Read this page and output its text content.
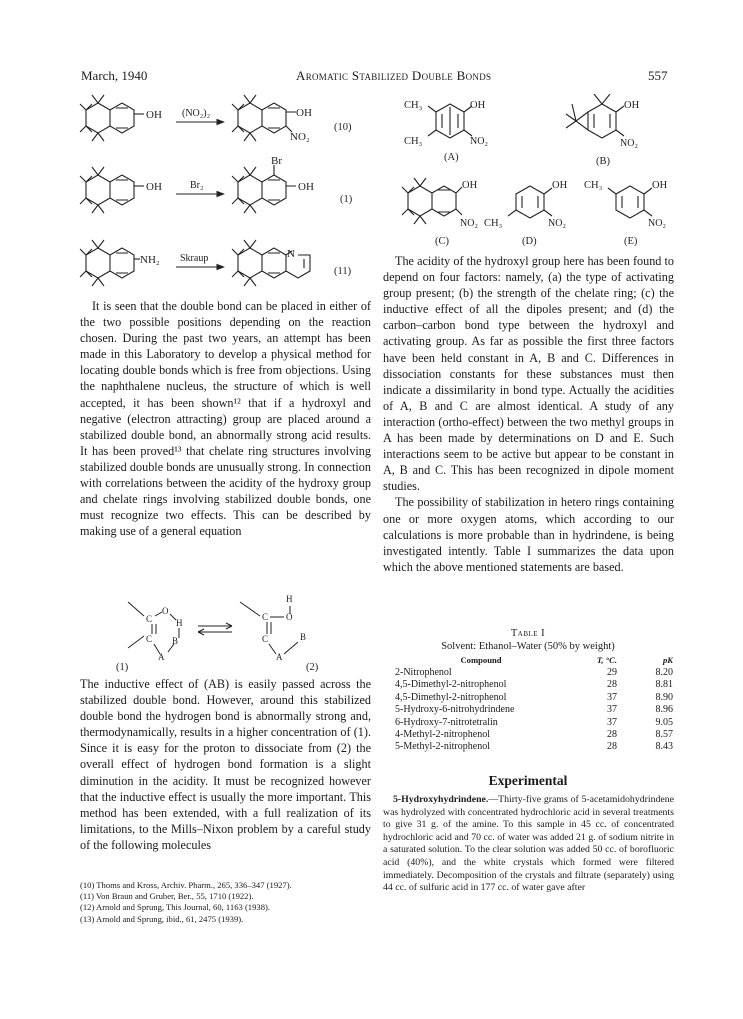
March, 1940	Aromatic Stabilized Double Bonds	557
OH (NO₂)₂	OH
NO₂
(10)
OH	Br₂
Br
OH
(1)
NH₂ Skraup	N
(11)
CH₃	OH
CH₃	NO₂
(A)
OH
NO₂
(B)
OH
NO₂
(C)
OH
CH₃	NO₂
(D)
CH₃	OH
NO₂
(E)

It is seen that the double bond can be placed in either of the two possible positions depending on the reaction chosen. During the past two years, an attempt has been made in this Laboratory to develop a physical method for locating double bonds which is free from objections. Using the naphthalene nucleus, the structure of which is well accepted, it has been shown¹² that if a hydroxyl and negative (electron attracting) group are placed around a stabilized double bond, an abnormally strong acid results. It has been proved¹³ that chelate ring structures involving stabilized double bonds are unusually strong. In connection with correlations between the acidity of the hydroxy group and chelate rings involving stabilized double bonds, one must recognize two effects. This can be described by making use of a general equation

C
O
H
C B
A
H
C O
C	B
A
(1)	(2)

The inductive effect of (AB) is easily passed across the stabilized double bond. However, around this stabilized double bond the hydrogen bond is abnormally strong and, thermodynamically, results in a higher concentration of (1). Since it is easy for the proton to dissociate from (2) the overall effect of hydrogen bond formation is a slight diminution in the acidity. It must be recognized however that the inductive effect is usually the more important. This method has been extended, with a full realization of its limitations, to the Mills–Nixon problem by a careful study of the following molecules

(10) Thoms and Kross, Archiv. Pharm., 265, 336–347 (1927).
(11) Von Braun and Gruber, Ber., 55, 1710 (1922).
(12) Arnold and Sprung, This Journal, 60, 1163 (1938).
(13) Arnold and Sprung, ibid., 61, 2475 (1939).

The acidity of the hydroxyl group here has been found to depend on four factors: namely, (a) the type of activating group present; (b) the strength of the chelate ring; (c) the inductive effect of all the dipoles present; and (d) the carbon–carbon bond type between the hydroxyl and activating group. As far as possible the first three factors have been held constant in A, B and C. Differences in dissociation constants for these substances must then indicate a dissimilarity in bond type. Actually the acidities of A, B and C are almost identical. A study of any interaction (ortho-effect) between the two methyl groups in A has been made by determinations on D and E. Such interactions seem to be active but appear to be constant in A, B and C. This has been recognized in dipole moment studies.

The possibility of stabilization in hetero rings containing one or more oxygen atoms, which according to our calculations is more probable than in hydrindene, is being investigated intently. Table I summarizes the data upon which the above mentioned statements are based.

Table I
Solvent: Ethanol–Water (50% by weight)
Compound	T, °C.	pK
2-Nitrophenol	29	8.20
4,5-Dimethyl-2-nitrophenol	28	8.81
4,5-Dimethyl-2-nitrophenol	37	8.90
5-Hydroxy-6-nitrohydrindene	37	8.96
6-Hydroxy-7-nitrotetralin	37	9.05
4-Methyl-2-nitrophenol	28	8.57
5-Methyl-2-nitrophenol	28	8.43
Experimental

5-Hydroxyhydrindene.—Thirty-five grams of 5-acetamidohydrindene was hydrolyzed with concentrated hydrochloric acid in several treatments to give 31 g. of the amine. To this sample in 45 cc. of concentrated hydrochloric acid and 70 cc. of water was added 21 g. of sodium nitrite in a saturated solution. To the clear solution was added 50 cc. of borofluoric acid (40%), and the white crystals which formed were filtered immediately. Decomposition of the crystals and filtrate (separately) using 44 cc. of sulfuric acid in 177 cc. of water gave after
